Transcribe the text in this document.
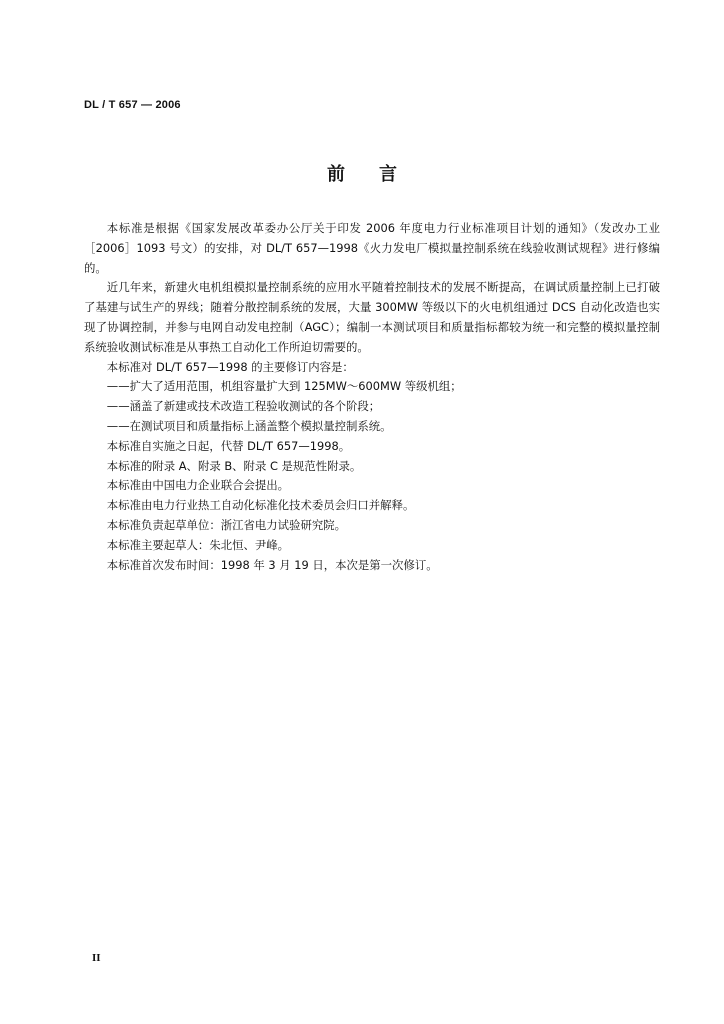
DL / T 657 — 2006
前言

本标准是根据《国家发展改革委办公厅关于印发 2006 年度电力行业标准项目计划的通知》（发改办工业［2006］1093 号文）的安排，对 DL/T 657—1998《火力发电厂模拟量控制系统在线验收测试规程》进行修编的。

近几年来，新建火电机组模拟量控制系统的应用水平随着控制技术的发展不断提高，在调试质量控制上已打破了基建与试生产的界线；随着分散控制系统的发展，大量 300MW 等级以下的火电机组通过 DCS 自动化改造也实现了协调控制，并参与电网自动发电控制（AGC）；编制一本测试项目和质量指标都较为统一和完整的模拟量控制系统验收测试标准是从事热工自动化工作所迫切需要的。

本标准对 DL/T 657—1998 的主要修订内容是：

——扩大了适用范围，机组容量扩大到 125MW～600MW 等级机组；

——涵盖了新建或技术改造工程验收测试的各个阶段；

——在测试项目和质量指标上涵盖整个模拟量控制系统。

本标准自实施之日起，代替 DL/T 657—1998。

本标准的附录 A、附录 B、附录 C 是规范性附录。

本标准由中国电力企业联合会提出。

本标准由电力行业热工自动化标准化技术委员会归口并解释。

本标准负责起草单位：浙江省电力试验研究院。

本标准主要起草人：朱北恒、尹峰。

本标准首次发布时间：1998 年 3 月 19 日，本次是第一次修订。

II
